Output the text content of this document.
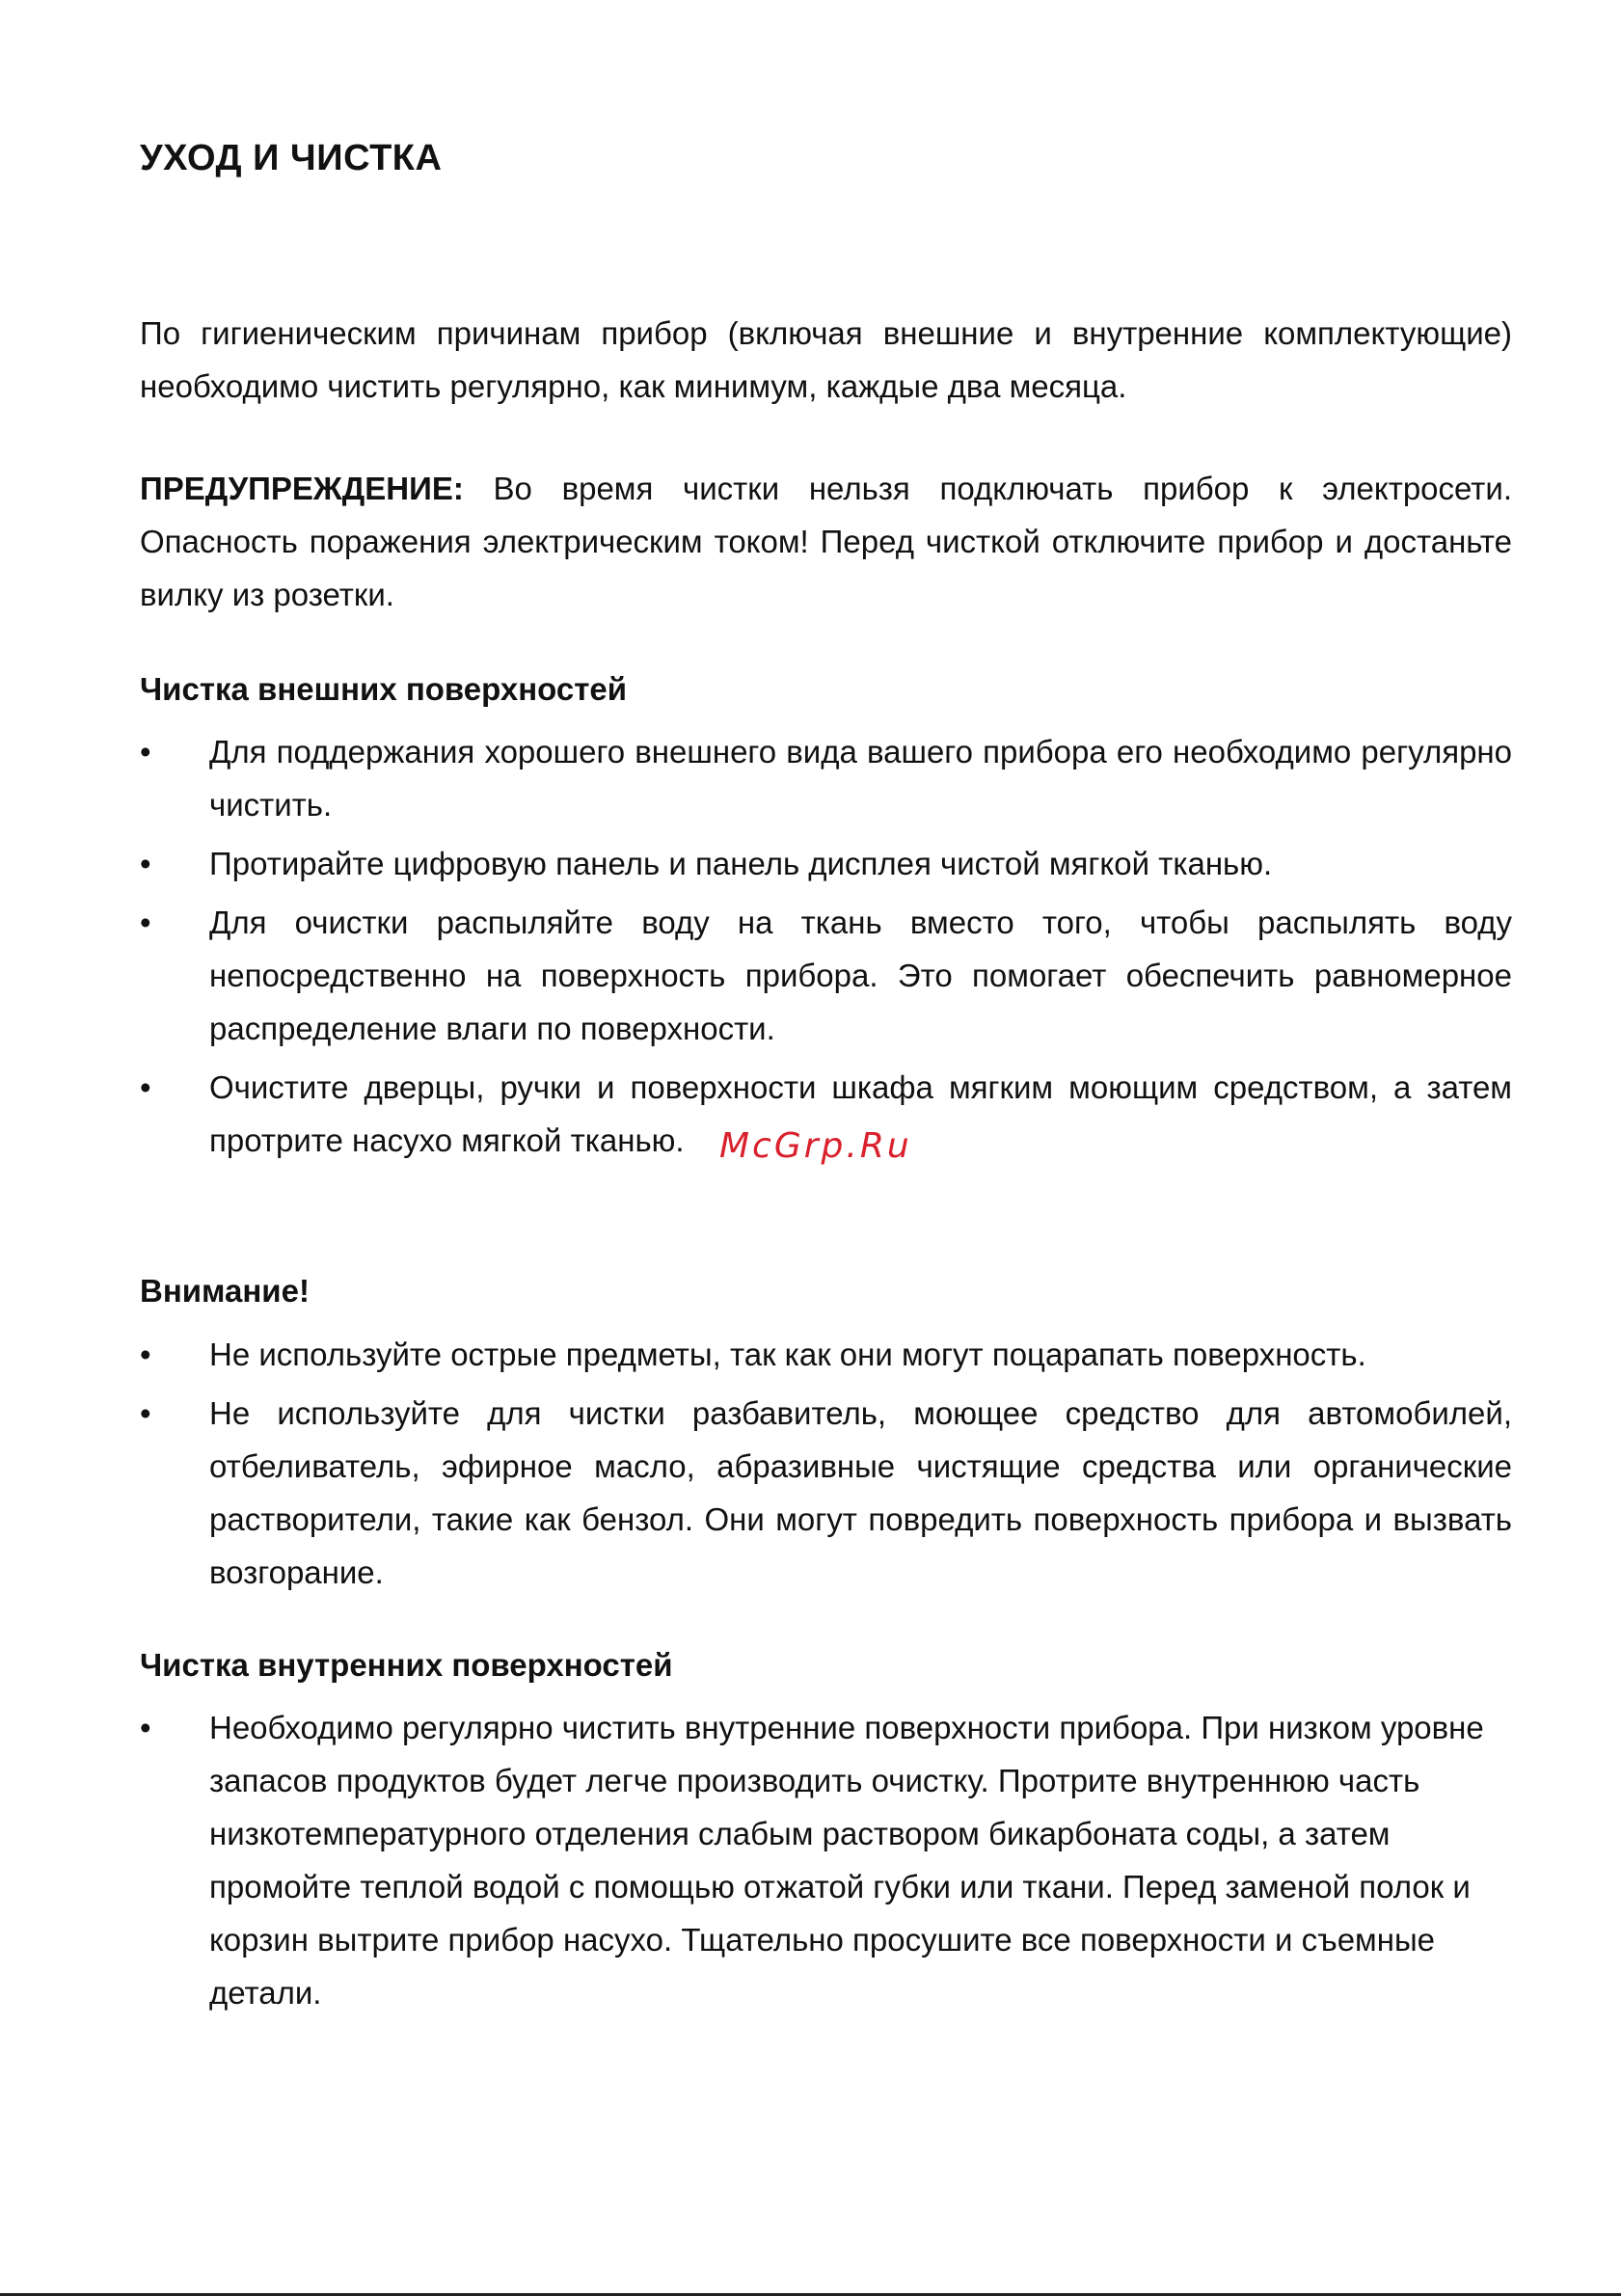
УХОД И ЧИСТКА

По гигиеническим причинам прибор (включая внешние и внутренние комплектующие) необходимо чистить регулярно, как минимум, каждые два месяца.

ПРЕДУПРЕЖДЕНИЕ: Во время чистки нельзя подключать прибор к электросети. Опасность поражения электрическим током! Перед чисткой отключите прибор и достаньте вилку из розетки.

Чистка внешних поверхностей
• Для поддержания хорошего внешнего вида вашего прибора его необходимо регулярно чистить.
• Протирайте цифровую панель и панель дисплея чистой мягкой тканью.
• Для очистки распыляйте воду на ткань вместо того, чтобы распылять воду непосредственно на поверхность прибора. Это помогает обеспечить равномерное распределение влаги по поверхности.
• Очистите дверцы, ручки и поверхности шкафа мягким моющим средством, а затем протрите насухо мягкой тканью.
Внимание!
• Не используйте острые предметы, так как они могут поцарапать поверхность.
• Не используйте для чистки разбавитель, моющее средство для автомобилей, отбеливатель, эфирное масло, абразивные чистящие средства или органические растворители, такие как бензол. Они могут повредить поверхность прибора и вызвать возгорание.
Чистка внутренних поверхностей
• Необходимо регулярно чистить внутренние поверхности прибора. При низком уровне запасов продуктов будет легче производить очистку. Протрите внутреннюю часть низкотемпературного отделения слабым раствором бикарбоната соды, а затем промойте теплой водой с помощью отжатой губки или ткани. Перед заменой полок и корзин вытрите прибор насухо. Тщательно просушите все поверхности и съемные детали.
McGrp.Ru
